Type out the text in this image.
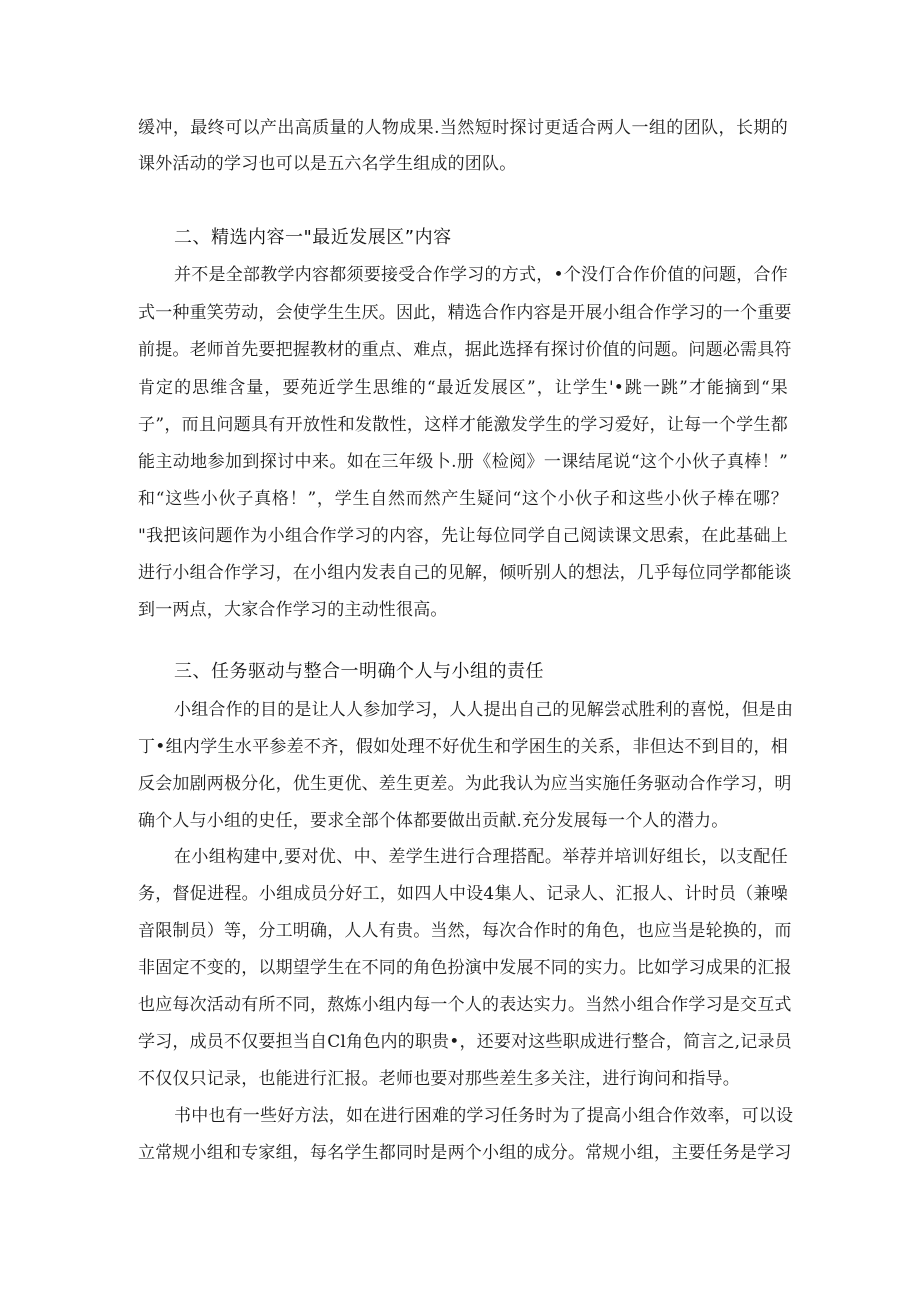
缓冲，最终可以产出高质量的人物成果.当然短时探讨更适合两人一组的团队，长期的
课外活动的学习也可以是五六名学生组成的团队。
二、精选内容一"最近发展区”内容
并不是全部教学内容都须要接受合作学习的方式，•个没仃合作价值的问题，合作
式一种重笑劳动，会使学生生厌。因此，精选合作内容是开展小组合作学习的一个重要
前提。老师首先要把握教材的重点、难点，据此选择有探讨价值的问题。问题必需具符
肯定的思维含量，要苑近学生思维的“最近发展区”，让学生'•跳一跳”才能摘到“果
子”，而且问题具有开放性和发散性，这样才能激发学生的学习爱好，让每一个学生都
能主动地参加到探讨中来。如在三年级卜.册《检阅》一课结尾说“这个小伙子真棒！”
和“这些小伙子真格！”，学生自然而然产生疑问“这个小伙子和这些小伙子棒在哪？
"我把该问题作为小组合作学习的内容，先让每位同学自己阅读课文思索，在此基础上
进行小组合作学习，在小组内发表自己的见解，倾听别人的想法，几乎每位同学都能谈
到一两点，大家合作学习的主动性很高。
三、任务驱动与整合一明确个人与小组的责任
小组合作的目的是让人人参加学习，人人提出自己的见解尝忒胜利的喜悦，但是由
丁•组内学生水平参差不齐，假如处理不好优生和学困生的关系，非但达不到目的，相
反会加剧两极分化，优生更优、差生更差。为此我认为应当实施任务驱动合作学习，明
确个人与小组的史任，要求全部个体都要做出贡献.充分发展每一个人的潜力。
在小组构建中,要对优、中、差学生进行合理搭配。举荐并培训好组长，以支配任
务，督促进程。小组成员分好工，如四人中设4集人、记录人、汇报人、计时员（兼噪
音限制员）等，分工明确，人人有贵。当然，每次合作时的角色，也应当是轮换的，而
非固定不变的，以期望学生在不同的角色扮演中发展不同的实力。比如学习成果的汇报
也应每次活动有所不同，熬炼小组内每一个人的表达实力。当然小组合作学习是交互式
学习，成员不仅要担当自Cl角色内的职贵•，还要对这些职成进行整合，简言之,记录员
不仅仅只记录，也能进行汇报。老师也要对那些差生多关注，进行询问和指导。
书中也有一些好方法，如在进行困难的学习任务时为了提高小组合作效率，可以设
立常规小组和专家组，每名学生都同时是两个小组的成分。常规小组，主要任务是学习
